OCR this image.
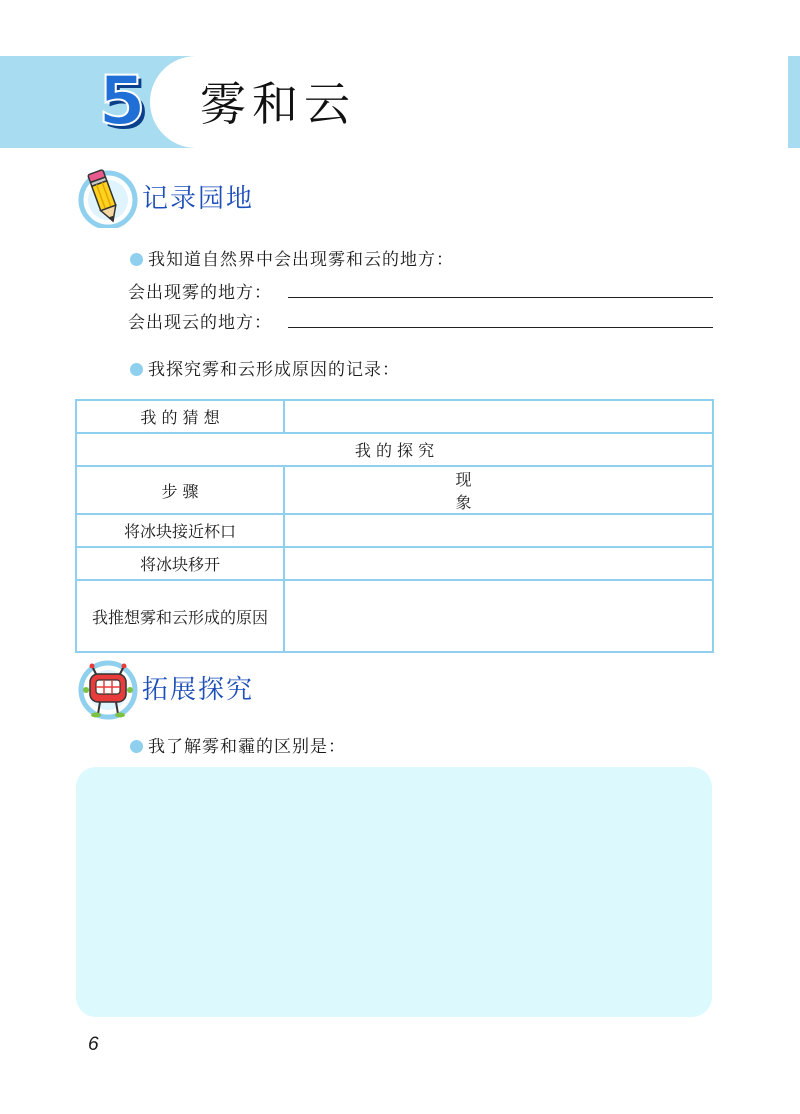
5 雾和云
记录园地
我知道自然界中会出现雾和云的地方：
会出现雾的地方：
会出现云的地方：
我探究雾和云形成原因的记录：
我 的 猜 想	
我 的 探 究	
步 骤	现 象
将冰块接近杯口	
将冰块移开	
我推想雾和云形成的原因	
拓展探究
我了解雾和霾的区别是：
6
